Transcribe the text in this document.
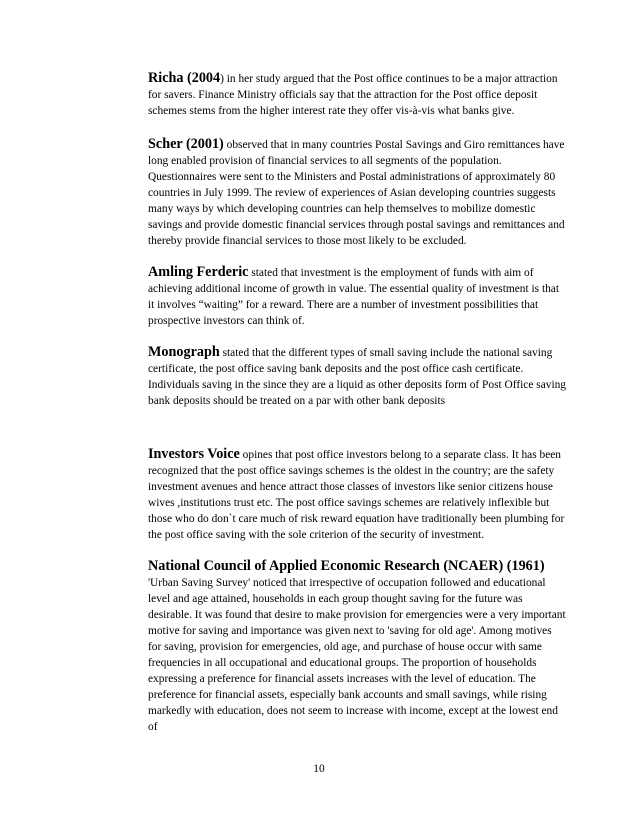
Richa (2004) in her study argued that the Post office continues to be a major attraction for savers. Finance Ministry officials say that the attraction for the Post office deposit schemes stems from the higher interest rate they offer vis-à-vis what banks give.

Scher (2001) observed that in many countries Postal Savings and Giro remittances have long enabled provision of financial services to all segments of the population. Questionnaires were sent to the Ministers and Postal administrations of approximately 80 countries in July 1999. The review of experiences of Asian developing countries suggests many ways by which developing countries can help themselves to mobilize domestic savings and provide domestic financial services through postal savings and remittances and thereby provide financial services to those most likely to be excluded.

Amling Ferderic stated that investment is the employment of funds with aim of achieving additional income of growth in value. The essential quality of investment is that it involves “waiting” for a reward. There are a number of investment possibilities that prospective investors can think of.

Monograph stated that the different types of small saving include the national saving certificate, the post office saving bank deposits and the post office cash certificate. Individuals saving in the since they are a liquid as other deposits form of Post Office saving bank deposits should be treated on a par with other bank deposits

Investors Voice opines that post office investors belong to a separate class. It has been recognized that the post office savings schemes is the oldest in the country; are the safety investment avenues and hence attract those classes of investors like senior citizens house wives ,institutions trust etc. The post office savings schemes are relatively inflexible but those who do don`t care much of risk reward equation have traditionally been plumbing for the post office saving with the sole criterion of the security of investment.

National Council of Applied Economic Research (NCAER) (1961)
'Urban Saving Survey' noticed that irrespective of occupation followed and educational level and age attained, households in each group thought saving for the future was desirable. It was found that desire to make provision for emergencies were a very important motive for saving and importance was given next to 'saving for old age'. Among motives for saving, provision for emergencies, old age, and purchase of house occur with same frequencies in all occupational and educational groups. The proportion of households expressing a preference for financial assets increases with the level of education. The preference for financial assets, especially bank accounts and small savings, while rising markedly with education, does not seem to increase with income, except at the lowest end of

10
